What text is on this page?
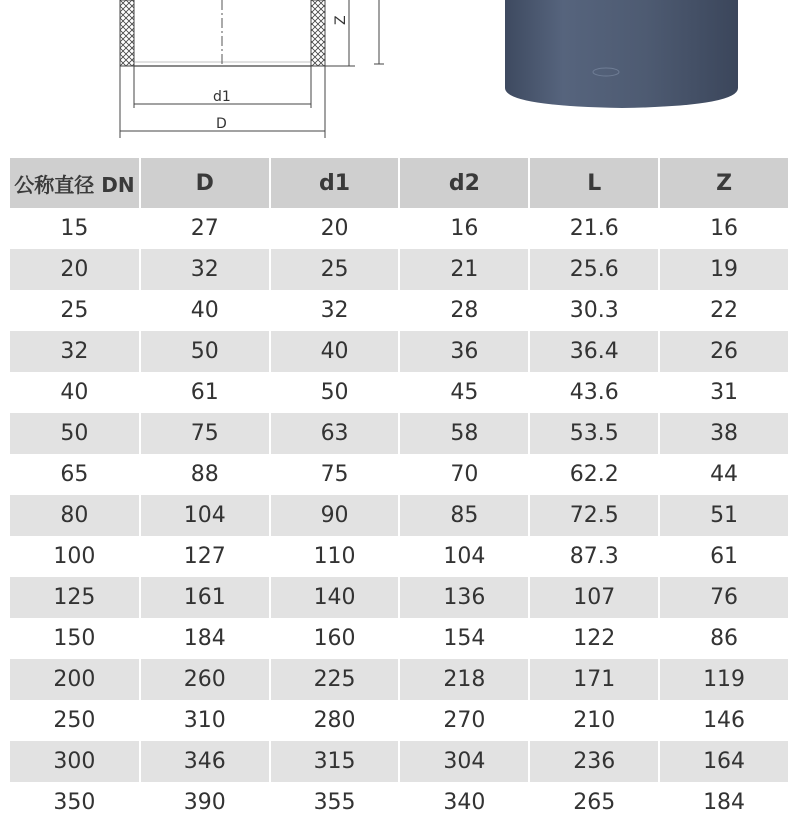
Z
d1
D
公称直径 DN	D	d1	d2	L	Z
15	27	20	16	21.6	16
20	32	25	21	25.6	19
25	40	32	28	30.3	22
32	50	40	36	36.4	26
40	61	50	45	43.6	31
50	75	63	58	53.5	38
65	88	75	70	62.2	44
80	104	90	85	72.5	51
100	127	110	104	87.3	61
125	161	140	136	107	76
150	184	160	154	122	86
200	260	225	218	171	119
250	310	280	270	210	146
300	346	315	304	236	164
350	390	355	340	265	184
